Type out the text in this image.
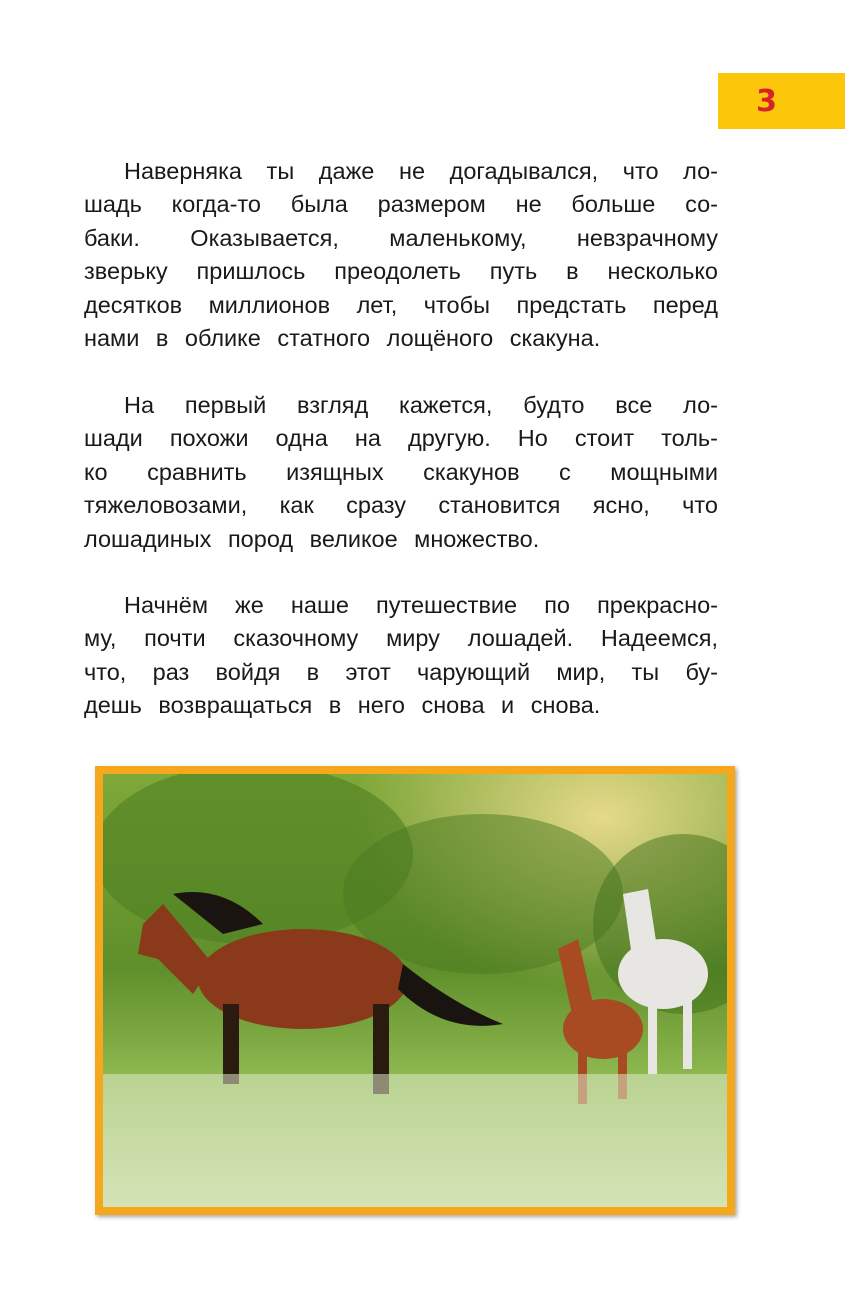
3
Наверняка ты даже не догадывался, что ло-
шадь когда-то была размером не больше со-
баки. Оказывается, маленькому, невзрачному
зверьку пришлось преодолеть путь в несколько
десятков миллионов лет, чтобы предстать перед
нами в облике статного лощёного скакуна.
На первый взгляд кажется, будто все ло-
шади похожи одна на другую. Но стоит толь-
ко сравнить изящных скакунов с мощными
тяжеловозами, как сразу становится ясно, что
лошадиных пород великое множество.
Начнём же наше путешествие по прекрасно-
му, почти сказочному миру лошадей. Надеемся,
что, раз войдя в этот чарующий мир, ты бу-
дешь возвращаться в него снова и снова.
